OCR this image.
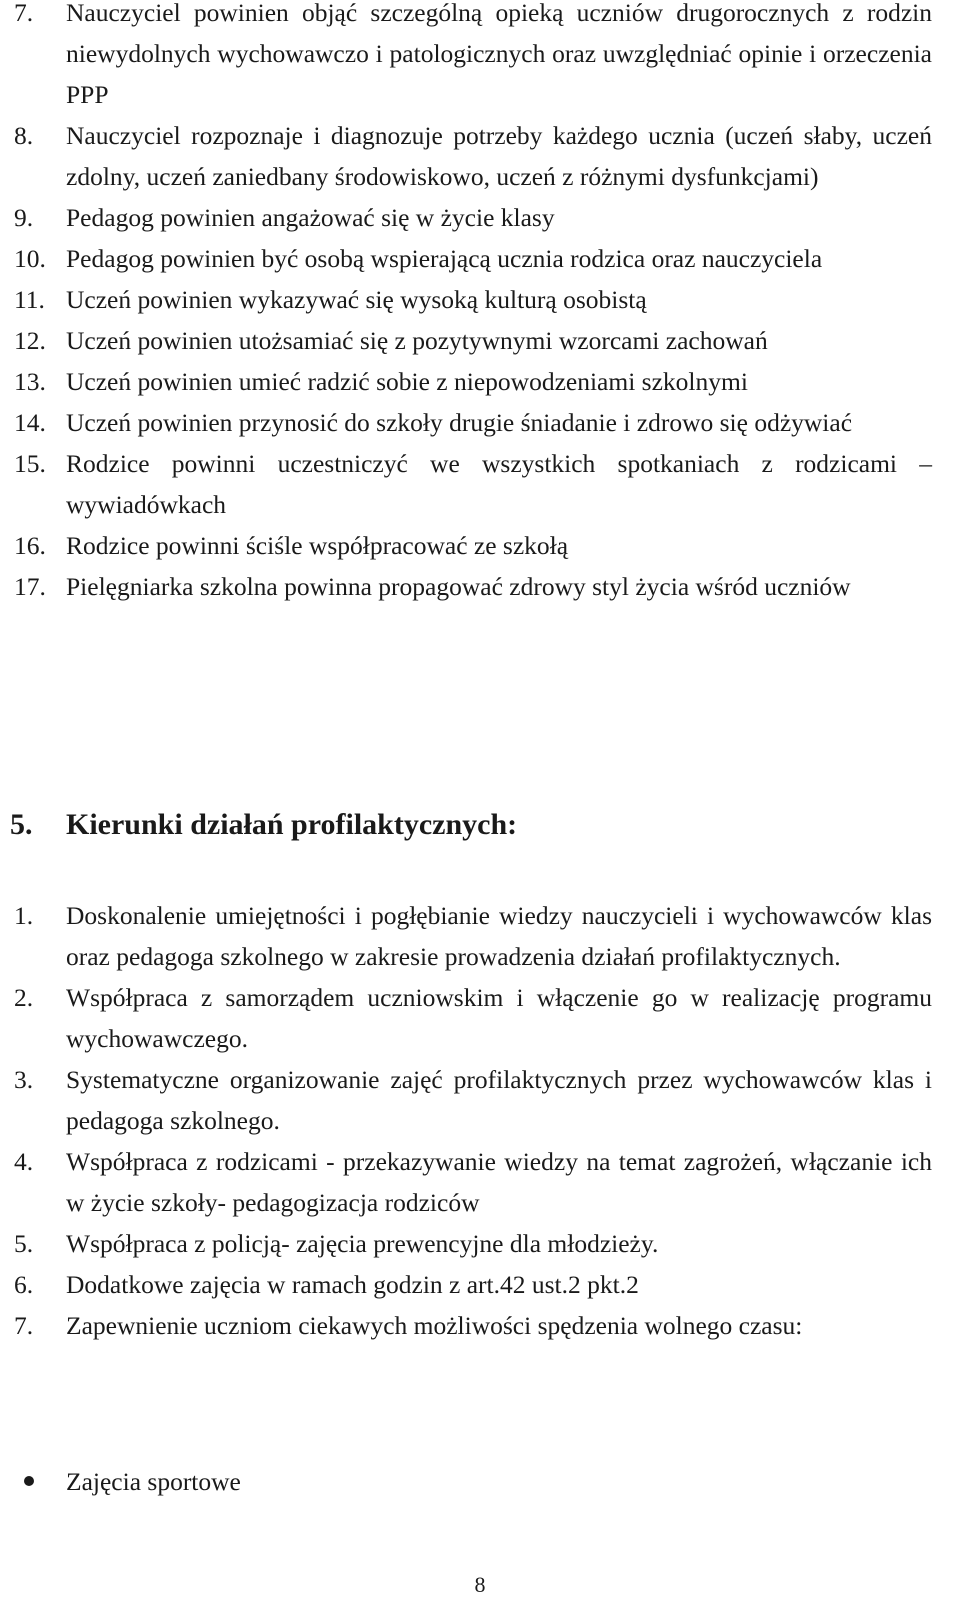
7.	Nauczyciel powinien objąć szczególną opieką uczniów drugorocznych z rodzin niewydolnych wychowawczo i patologicznych oraz uwzględniać opinie i orzeczenia PPP
8.	Nauczyciel rozpoznaje i diagnozuje potrzeby każdego ucznia (uczeń słaby, uczeń zdolny, uczeń zaniedbany środowiskowo, uczeń z różnymi dysfunkcjami)
9.	Pedagog powinien angażować się w życie klasy
10. Pedagog powinien być osobą wspierającą ucznia rodzica oraz nauczyciela
11. Uczeń powinien wykazywać się wysoką kulturą osobistą
12. Uczeń powinien utożsamiać się z pozytywnymi wzorcami zachowań
13. Uczeń powinien umieć radzić sobie z niepowodzeniami szkolnymi
14. Uczeń powinien przynosić do szkoły drugie śniadanie i zdrowo się odżywiać
15. Rodzice powinni uczestniczyć we wszystkich spotkaniach z rodzicami – wywiadówkach
16. Rodzice powinni ściśle współpracować ze szkołą
17. Pielęgniarka szkolna powinna propagować zdrowy styl życia wśród uczniów
5. Kierunki działań profilaktycznych:
1.	Doskonalenie umiejętności i pogłębianie wiedzy nauczycieli i wychowawców klas oraz pedagoga szkolnego w zakresie prowadzenia działań profilaktycznych.
2.	Współpraca z samorządem uczniowskim i włączenie go w realizację programu wychowawczego.
3.	Systematyczne organizowanie zajęć profilaktycznych przez wychowawców klas i pedagoga szkolnego.
4.	Współpraca z rodzicami - przekazywanie wiedzy na temat zagrożeń, włączanie ich w życie szkoły- pedagogizacja rodziców
5.	Współpraca z policją- zajęcia prewencyjne dla młodzieży.
6.	Dodatkowe zajęcia w ramach godzin z art.42 ust.2 pkt.2
7.	Zapewnienie uczniom ciekawych możliwości spędzenia wolnego czasu:
Zajęcia sportowe
8
